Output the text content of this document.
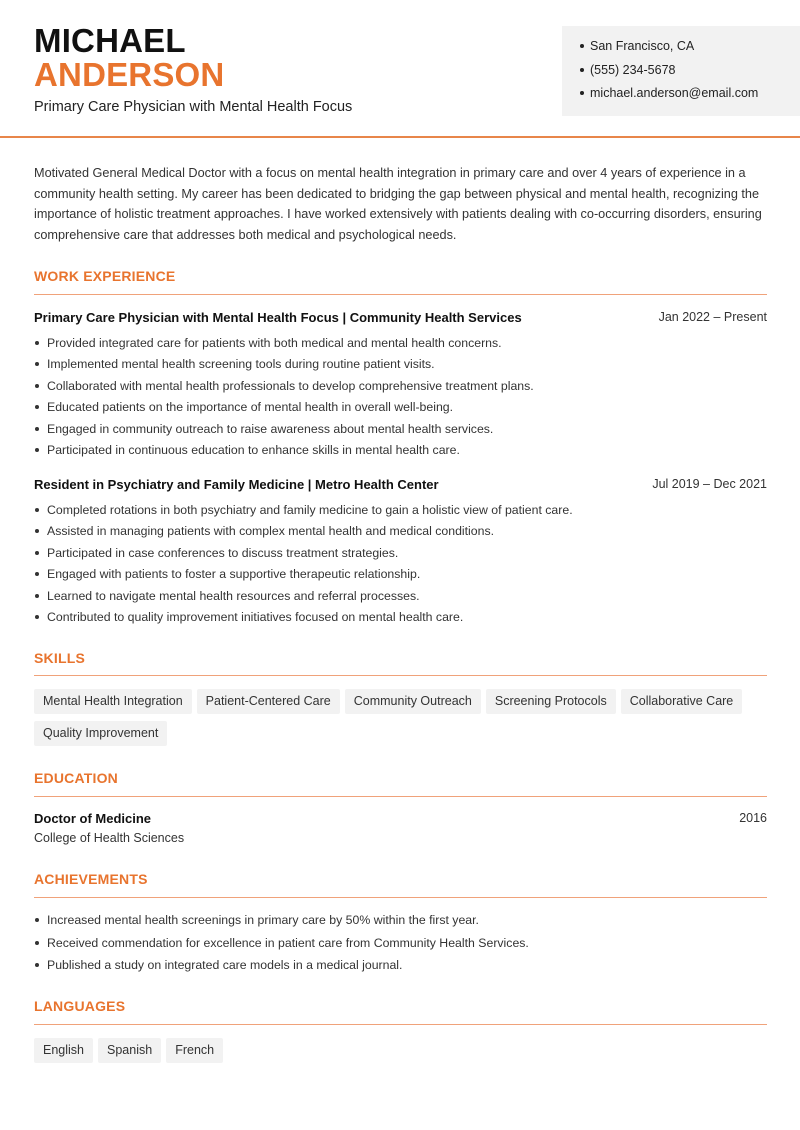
MICHAEL
ANDERSON
Primary Care Physician with Mental Health Focus
San Francisco, CA
(555) 234-5678
michael.anderson@email.com

Motivated General Medical Doctor with a focus on mental health integration in primary care and over 4 years of experience in a community health setting. My career has been dedicated to bridging the gap between physical and mental health, recognizing the importance of holistic treatment approaches. I have worked extensively with patients dealing with co-occurring disorders, ensuring comprehensive care that addresses both medical and psychological needs.

WORK EXPERIENCE
Primary Care Physician with Mental Health Focus | Community Health Services	Jan 2022 – Present
Provided integrated care for patients with both medical and mental health concerns.
Implemented mental health screening tools during routine patient visits.
Collaborated with mental health professionals to develop comprehensive treatment plans.
Educated patients on the importance of mental health in overall well-being.
Engaged in community outreach to raise awareness about mental health services.
Participated in continuous education to enhance skills in mental health care.
Resident in Psychiatry and Family Medicine | Metro Health Center	Jul 2019 – Dec 2021
Completed rotations in both psychiatry and family medicine to gain a holistic view of patient care.
Assisted in managing patients with complex mental health and medical conditions.
Participated in case conferences to discuss treatment strategies.
Engaged with patients to foster a supportive therapeutic relationship.
Learned to navigate mental health resources and referral processes.
Contributed to quality improvement initiatives focused on mental health care.
SKILLS
Mental Health Integration Patient-Centered Care Community Outreach Screening Protocols Collaborative CareQuality Improvement
EDUCATION
Doctor of Medicine	2016
College of Health Sciences
ACHIEVEMENTS
Increased mental health screenings in primary care by 50% within the first year.
Received commendation for excellence in patient care from Community Health Services.
Published a study on integrated care models in a medical journal.
LANGUAGES
English Spanish French
